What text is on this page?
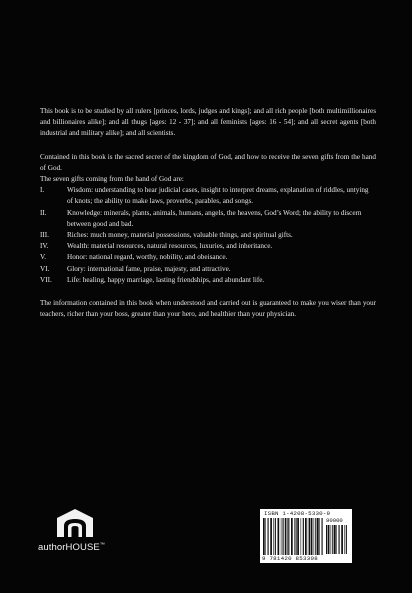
This book is to be studied by all rulers [princes, lords, judges and kings]; and all rich people [both multimillionaires and billionaires alike]; and all thugs [ages: 12 - 37]; and all feminists [ages: 16 - 54]; and all secret agents [both industrial and military alike]; and all scientists.

Contained in this book is the sacred secret of the kingdom of God, and how to receive the seven gifts from the hand of God.

The seven gifts coming from the hand of God are:

I.	Wisdom: understanding to hear judicial cases, insight to interpret dreams, explanation of riddles, untying of knots; the ability to make laws, proverbs, parables, and songs.
II.	Knowledge: minerals, plants, animals, humans, angels, the heavens, God’s Word; the ability to discern between good and bad.
III.	Riches: much money, material possessions, valuable things, and spiritual gifts.
IV.	Wealth: material resources, natural resources, luxuries, and inheritance.
V.	Honor: national regard, worthy, nobility, and obeisance.
VI.	Glory: international fame, praise, majesty, and attractive.
VII.	Life: healing, happy marriage, lasting friendships, and abundant life.

The information contained in this book when understood and carried out is guaranteed to make you wiser than your teachers, richer than your boss, greater than your hero, and healthier than your physician.

authorHOUSE™
ISBN 1-4208-5330-9
90000
9 781420 853308
